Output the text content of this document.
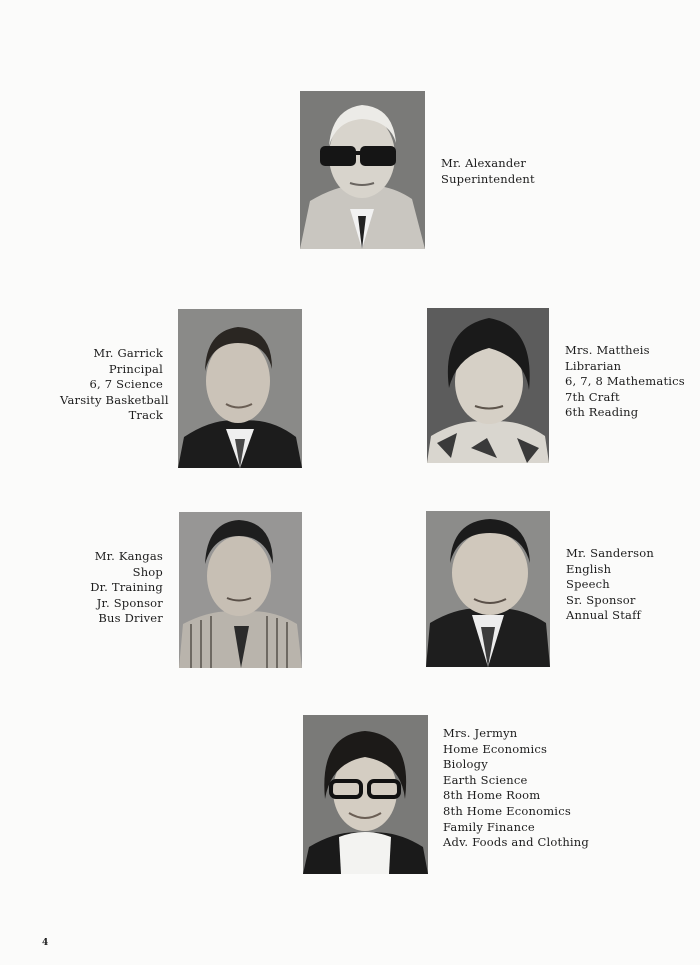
Mr. Alexander
Superintendent
Mr. Garrick
Principal
6, 7 Science
Varsity Basketball
Track
Mrs. Mattheis
Librarian
6, 7, 8 Mathematics
7th Craft
6th Reading
Mr. Kangas
Shop
Dr. Training
Jr. Sponsor
Bus Driver
Mr. Sanderson
English
Speech
Sr. Sponsor
Annual Staff
Mrs. Jermyn
Home Economics
Biology
Earth Science
8th Home Room
8th Home Economics
Family Finance
Adv. Foods and Clothing
4
